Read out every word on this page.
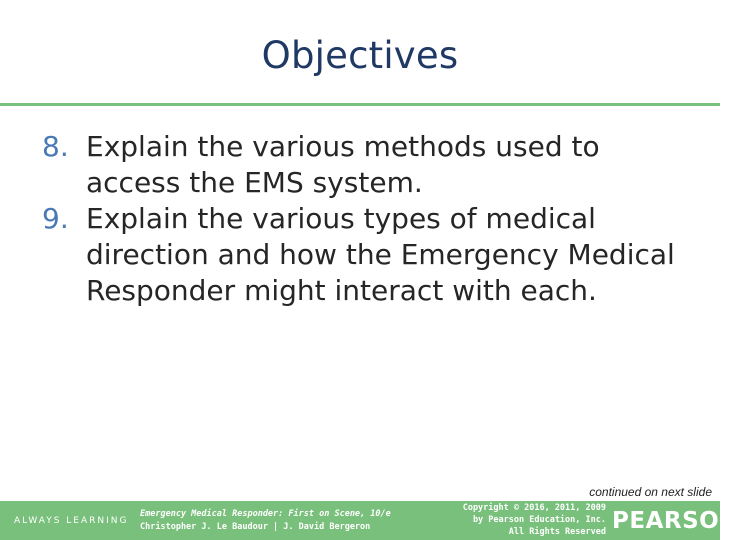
Objectives
8. Explain the various methods used to access the EMS system.
9. Explain the various types of medical direction and how the Emergency Medical Responder might interact with each.
continued on next slide
ALWAYS LEARNING
Emergency Medical Responder: First on Scene, 10/e
Christopher J. Le Baudour | J. David Bergeron
Copyright © 2016, 2011, 2009
by Pearson Education, Inc.
All Rights Reserved PEARSON
